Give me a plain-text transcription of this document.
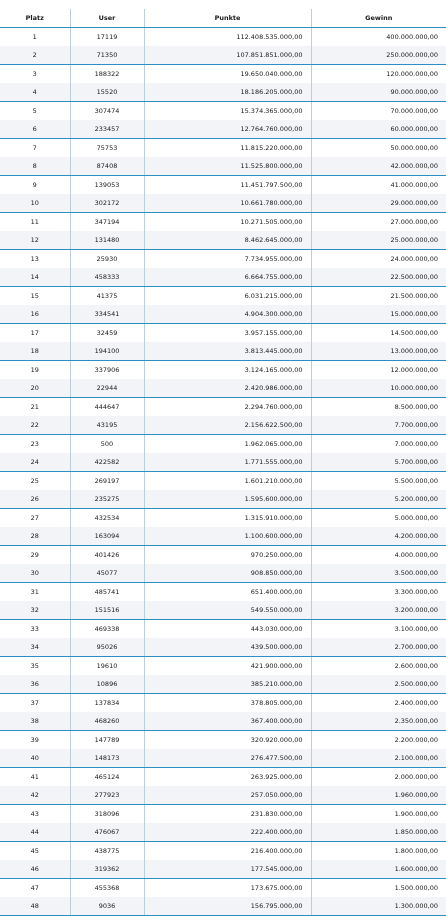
Platz	User	Punkte	Gewinn
1	17119	112.408.535.000,00	400.000.000,00
2	71350	107.851.851.000,00	250.000.000,00
3	188322	19.650.040.000,00	120.000.000,00
4	15520	18.186.205.000,00	90.000.000,00
5	307474	15.374.365.000,00	70.000.000,00
6	233457	12.764.760.000,00	60.000.000,00
7	75753	11.815.220.000,00	50.000.000,00
8	87408	11.525.800.000,00	42.000.000,00
9	139053	11.451.797.500,00	41.000.000,00
10	302172	10.661.780.000,00	29.000.000,00
11	347194	10.271.505.000,00	27.000.000,00
12	131480	8.462.645.000,00	25.000.000,00
13	25930	7.734.955.000,00	24.000.000,00
14	458333	6.664.755.000,00	22.500.000,00
15	41375	6.031.215.000,00	21.500.000,00
16	334541	4.904.300.000,00	15.000.000,00
17	32459	3.957.155.000,00	14.500.000,00
18	194100	3.813.445.000,00	13.000.000,00
19	337906	3.124.165.000,00	12.000.000,00
20	22944	2.420.986.000,00	10.000.000,00
21	444647	2.294.760.000,00	8.500.000,00
22	43195	2.156.622.500,00	7.700.000,00
23	500	1.962.065.000,00	7.000.000,00
24	422582	1.771.555.000,00	5.700.000,00
25	269197	1.601.210.000,00	5.500.000,00
26	235275	1.595.600.000,00	5.200.000,00
27	432534	1.315.910.000,00	5.000.000,00
28	163094	1.100.600.000,00	4.200.000,00
29	401426	970.250.000,00	4.000.000,00
30	45077	908.850.000,00	3.500.000,00
31	485741	651.400.000,00	3.300.000,00
32	151516	549.550.000,00	3.200.000,00
33	469338	443.030.000,00	3.100.000,00
34	95026	439.500.000,00	2.700.000,00
35	19610	421.900.000,00	2.600.000,00
36	10896	385.210.000,00	2.500.000,00
37	137834	378.805.000,00	2.400.000,00
38	468260	367.400.000,00	2.350.000,00
39	147789	320.920.000,00	2.200.000,00
40	148173	276.477.500,00	2.100.000,00
41	465124	263.925.000,00	2.000.000,00
42	277923	257.050.000,00	1.960.000,00
43	318096	231.830.000,00	1.900.000,00
44	476067	222.400.000,00	1.850.000,00
45	438775	216.400.000,00	1.800.000,00
46	319362	177.545.000,00	1.600.000,00
47	455368	173.675.000,00	1.500.000,00
48	9036	156.795.000,00	1.300.000,00
